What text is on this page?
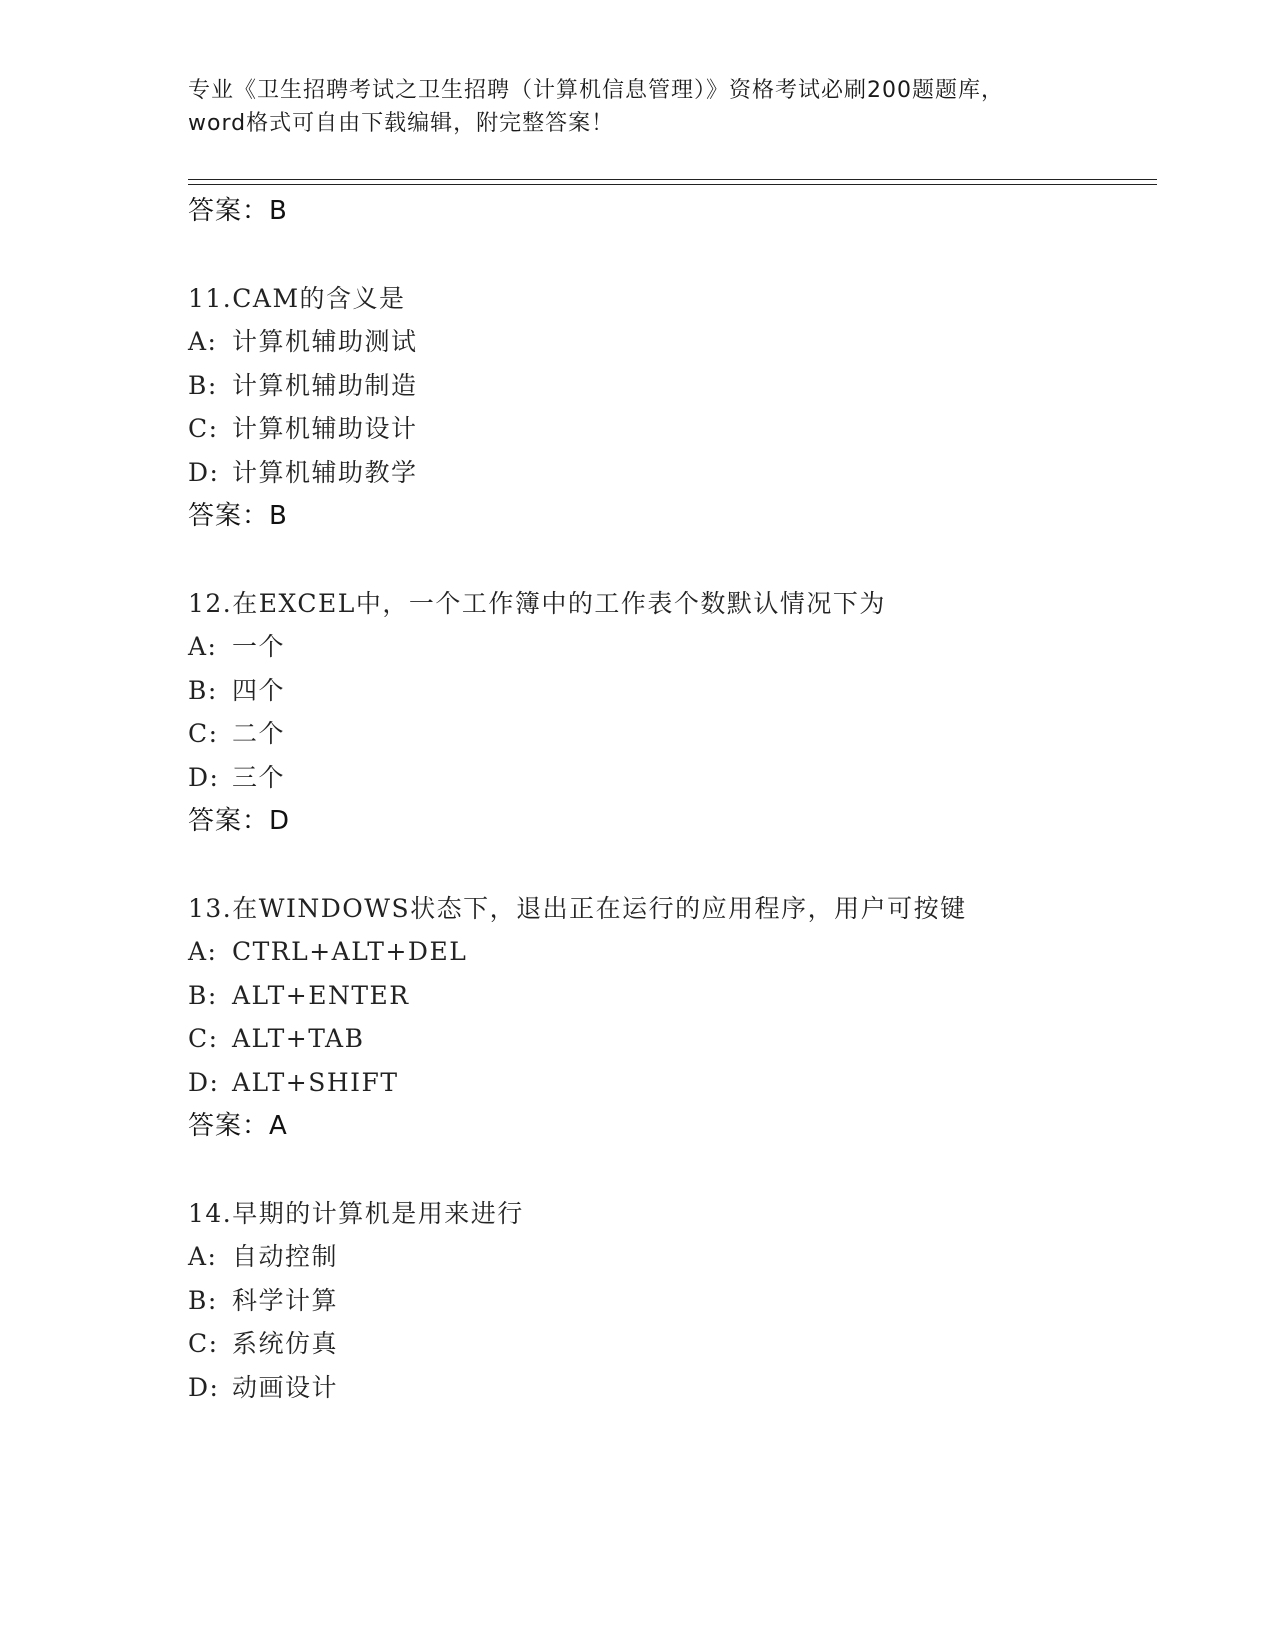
专业《卫生招聘考试之卫生招聘（计算机信息管理）》资格考试必刷200题题库，
word格式可自由下载编辑，附完整答案！
答案：B
11.CAM的含义是
A: 计算机辅助测试
B: 计算机辅助制造
C: 计算机辅助设计
D: 计算机辅助教学
答案：B
12.在EXCEL中，一个工作簿中的工作表个数默认情况下为
A: 一个
B: 四个
C: 二个
D: 三个
答案：D
13.在WINDOWS状态下，退出正在运行的应用程序，用户可按键
A: CTRL+ALT+DEL
B: ALT+ENTER
C: ALT+TAB
D: ALT+SHIFT
答案：A
14.早期的计算机是用来进行
A: 自动控制
B: 科学计算
C: 系统仿真
D: 动画设计
